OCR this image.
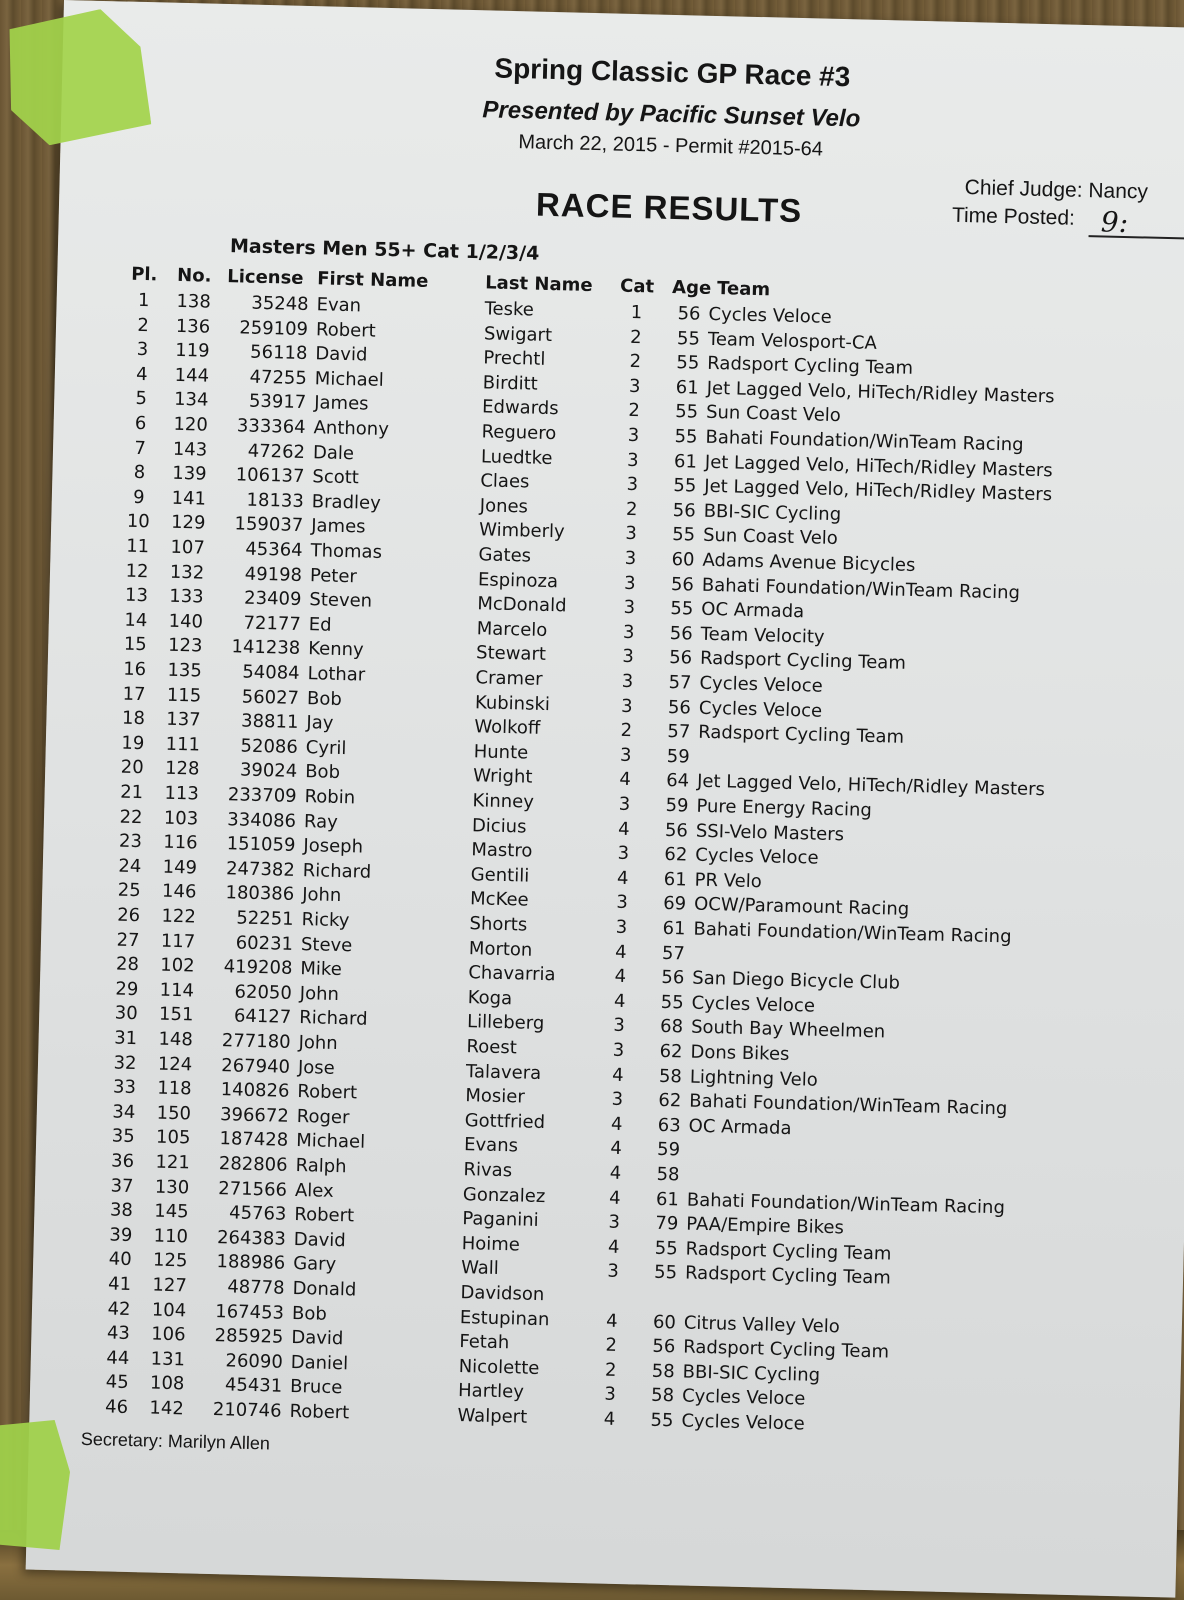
Spring Classic GP Race #3
Presented by Pacific Sunset Velo
March 22, 2015 - Permit #2015-64
RACE RESULTS	Chief Judge: Nancy
Time Posted: 9:
Masters Men 55+ Cat 1/2/3/4
Pl.	No. License First Name	Last Name Cat Age Team
1	138	35248 Evan	Teske	1	56 Cycles Veloce
2	136	259109 Robert	Swigart	2	55 Team Velosport-CA
3	119	56118 David	Prechtl	2	55 Radsport Cycling Team
4	144	47255 Michael	Birditt	3	61 Jet Lagged Velo, HiTech/Ridley Masters
5	134	53917 James	Edwards	2	55 Sun Coast Velo
6	120	333364 Anthony	Reguero	3	55 Bahati Foundation/WinTeam Racing
7	143	47262 Dale	Luedtke	3	61 Jet Lagged Velo, HiTech/Ridley Masters
8	139	106137 Scott	Claes	3	55 Jet Lagged Velo, HiTech/Ridley Masters
9	141	18133 Bradley	Jones	2	56 BBI-SIC Cycling
10	129	159037 James	Wimberly	3	55 Sun Coast Velo
11	107	45364 Thomas	Gates	3	60 Adams Avenue Bicycles
12	132	49198 Peter	Espinoza	3	56 Bahati Foundation/WinTeam Racing
13	133	23409 Steven	McDonald	3	55 OC Armada
14	140	72177 Ed	Marcelo	3	56 Team Velocity
15	123	141238 Kenny	Stewart	3	56 Radsport Cycling Team
16	135	54084 Lothar	Cramer	3	57 Cycles Veloce
17	115	56027 Bob	Kubinski	3	56 Cycles Veloce
18	137	38811 Jay	Wolkoff	2	57 Radsport Cycling Team
19	111	52086 Cyril	Hunte	3	59
20	128	39024 Bob	Wright	4	64 Jet Lagged Velo, HiTech/Ridley Masters
21	113	233709 Robin	Kinney	3	59 Pure Energy Racing
22	103	334086 Ray	Dicius	4	56 SSI-Velo Masters
23	116	151059 Joseph	Mastro	3	62 Cycles Veloce
24	149	247382 Richard	Gentili	4	61 PR Velo
25	146	180386 John	McKee	3	69 OCW/Paramount Racing
26	122	52251 Ricky	Shorts	3	61 Bahati Foundation/WinTeam Racing
27	117	60231 Steve	Morton	4	57
28	102	419208 Mike	Chavarria	4	56 San Diego Bicycle Club
29	114	62050 John	Koga	4	55 Cycles Veloce
30	151	64127 Richard	Lilleberg	3	68 South Bay Wheelmen
31	148	277180 John	Roest	3	62 Dons Bikes
32	124	267940 Jose	Talavera	4	58 Lightning Velo
33	118	140826 Robert	Mosier	3	62 Bahati Foundation/WinTeam Racing
34	150	396672 Roger	Gottfried	4	63 OC Armada
35	105	187428 Michael	Evans	4	59
36	121	282806 Ralph	Rivas	4	58
37	130	271566 Alex	Gonzalez	4	61 Bahati Foundation/WinTeam Racing
38	145	45763 Robert	Paganini	3	79 PAA/Empire Bikes
39	110	264383 David	Hoime	4	55 Radsport Cycling Team
40	125	188986 Gary	Wall	3	55 Radsport Cycling Team
41	127	48778 Donald	Davidson
42	104	167453 Bob	Estupinan	4	60 Citrus Valley Velo
43	106	285925 David	Fetah	2	56 Radsport Cycling Team
44	131	26090 Daniel	Nicolette	2	58 BBI-SIC Cycling
45	108	45431 Bruce	Hartley	3	58 Cycles Veloce
46	142	210746 Robert	Walpert	4	55 Cycles Veloce
Secretary: Marilyn Allen
